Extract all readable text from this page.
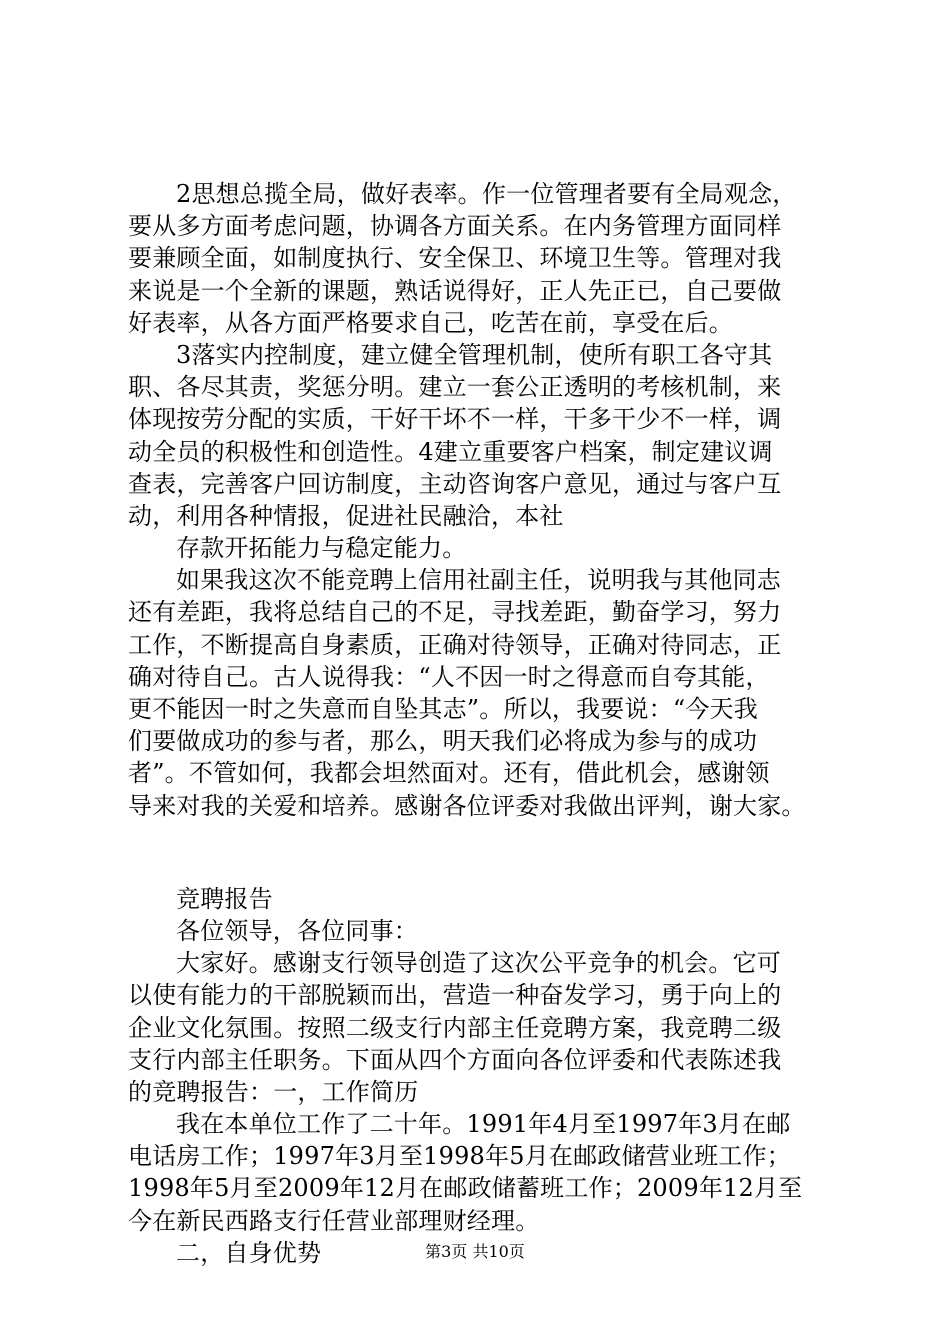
2思想总揽全局，做好表率。作一位管理者要有全局观念，
要从多方面考虑问题，协调各方面关系。在内务管理方面同样
要兼顾全面，如制度执行、安全保卫、环境卫生等。管理对我
来说是一个全新的课题，熟话说得好，正人先正已，自己要做
好表率，从各方面严格要求自己，吃苦在前，享受在后。
3落实内控制度，建立健全管理机制，使所有职工各守其
职、各尽其责，奖惩分明。建立一套公正透明的考核机制，来
体现按劳分配的实质，干好干坏不一样，干多干少不一样，调
动全员的积极性和创造性。4建立重要客户档案，制定建议调
查表，完善客户回访制度，主动咨询客户意见，通过与客户互
动，利用各种情报，促进社民融洽，本社
存款开拓能力与稳定能力。
如果我这次不能竞聘上信用社副主任，说明我与其他同志
还有差距，我将总结自己的不足，寻找差距，勤奋学习，努力
工作，不断提高自身素质，正确对待领导，正确对待同志，正
确对待自己。古人说得我：“人不因一时之得意而自夸其能，
更不能因一时之失意而自坠其志”。所以，我要说：“今天我
们要做成功的参与者，那么，明天我们必将成为参与的成功
者”。不管如何，我都会坦然面对。还有，借此机会，感谢领
导来对我的关爱和培养。感谢各位评委对我做出评判，谢大家。
竞聘报告
各位领导，各位同事：
大家好。感谢支行领导创造了这次公平竞争的机会。它可
以使有能力的干部脱颖而出，营造一种奋发学习，勇于向上的
企业文化氛围。按照二级支行内部主任竞聘方案，我竞聘二级
支行内部主任职务。下面从四个方面向各位评委和代表陈述我
的竞聘报告：一，工作简历
我在本单位工作了二十年。1991年4月至1997年3月在邮
电话房工作；1997年3月至1998年5月在邮政储营业班工作；
1998年5月至2009年12月在邮政储蓄班工作；2009年12月至
今在新民西路支行任营业部理财经理。
二，自身优势	第3页 共10页
